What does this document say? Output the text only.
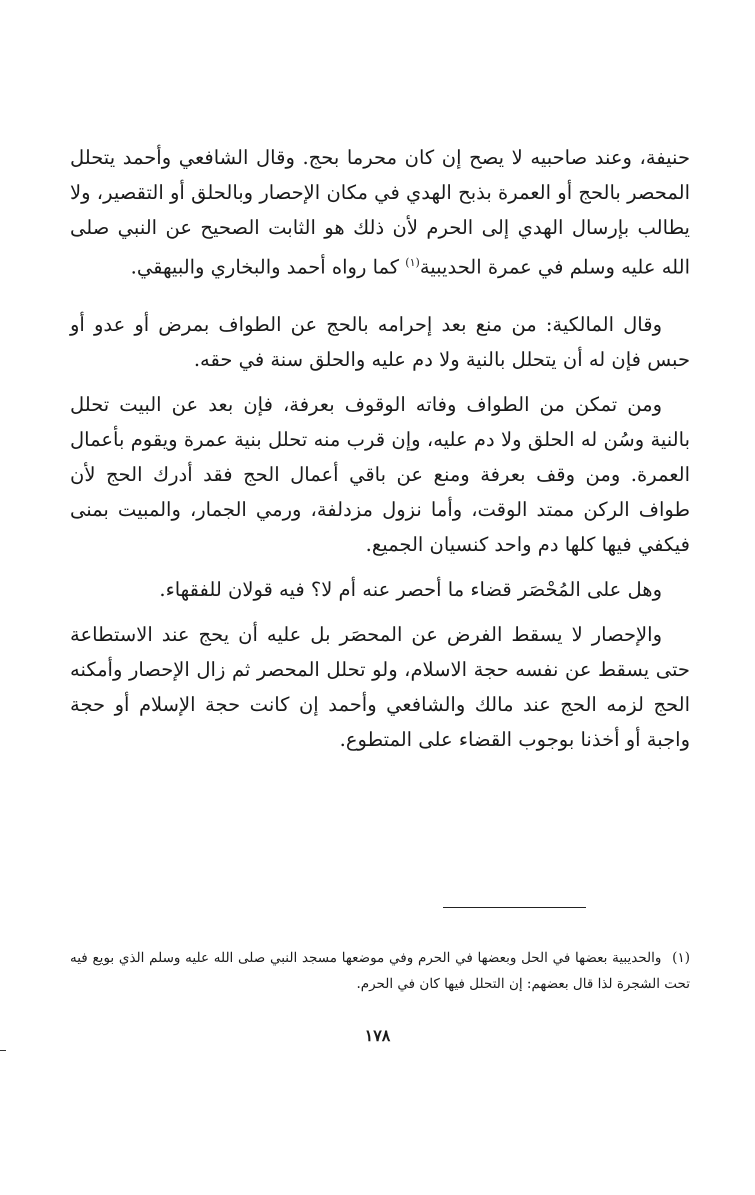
حنيفة، وعند صاحبيه لا يصح إن كان محرما بحج. وقال الشافعي وأحمد يتحلل المحصر بالحج أو العمرة بذبح الهدي في مكان الإحصار وبالحلق أو التقصير، ولا يطالب بإرسال الهدي إلى الحرم لأن ذلك هو الثابت الصحيح عن النبي صلى الله عليه وسلم في عمرة الحديبية$^{(١)}$ كما رواه أحمد والبخاري والبيهقي.

وقال المالكية: من منع بعد إحرامه بالحج عن الطواف بمرض أو عدو أو حبس فإن له أن يتحلل بالنية ولا دم عليه والحلق سنة في حقه.

ومن تمكن من الطواف وفاته الوقوف بعرفة، فإن بعد عن البيت تحلل بالنية وسُن له الحلق ولا دم عليه، وإن قرب منه تحلل بنية عمرة ويقوم بأعمال العمرة. ومن وقف بعرفة ومنع عن باقي أعمال الحج فقد أدرك الحج لأن طواف الركن ممتد الوقت، وأما نزول مزدلفة، ورمي الجمار، والمبيت بمنى فيكفي فيها كلها دم واحد كنسيان الجميع.

وهل على المُحْصَر قضاء ما أحصر عنه أم لا؟ فيه قولان للفقهاء.

والإحصار لا يسقط الفرض عن المحصَر بل عليه أن يحج عند الاستطاعة حتى يسقط عن نفسه حجة الاسلام، ولو تحلل المحصر ثم زال الإحصار وأمكنه الحج لزمه الحج عند مالك والشافعي وأحمد إن كانت حجة الإسلام أو حجة واجبة أو أخذنا بوجوب القضاء على المتطوع.

(١) والحديبية بعضها في الحل وبعضها في الحرم وفي موضعها مسجد النبي صلى الله عليه وسلم الذي بويع فيه تحت الشجرة لذا قال بعضهم: إن التحلل فيها كان في الحرم.
١٧٨
